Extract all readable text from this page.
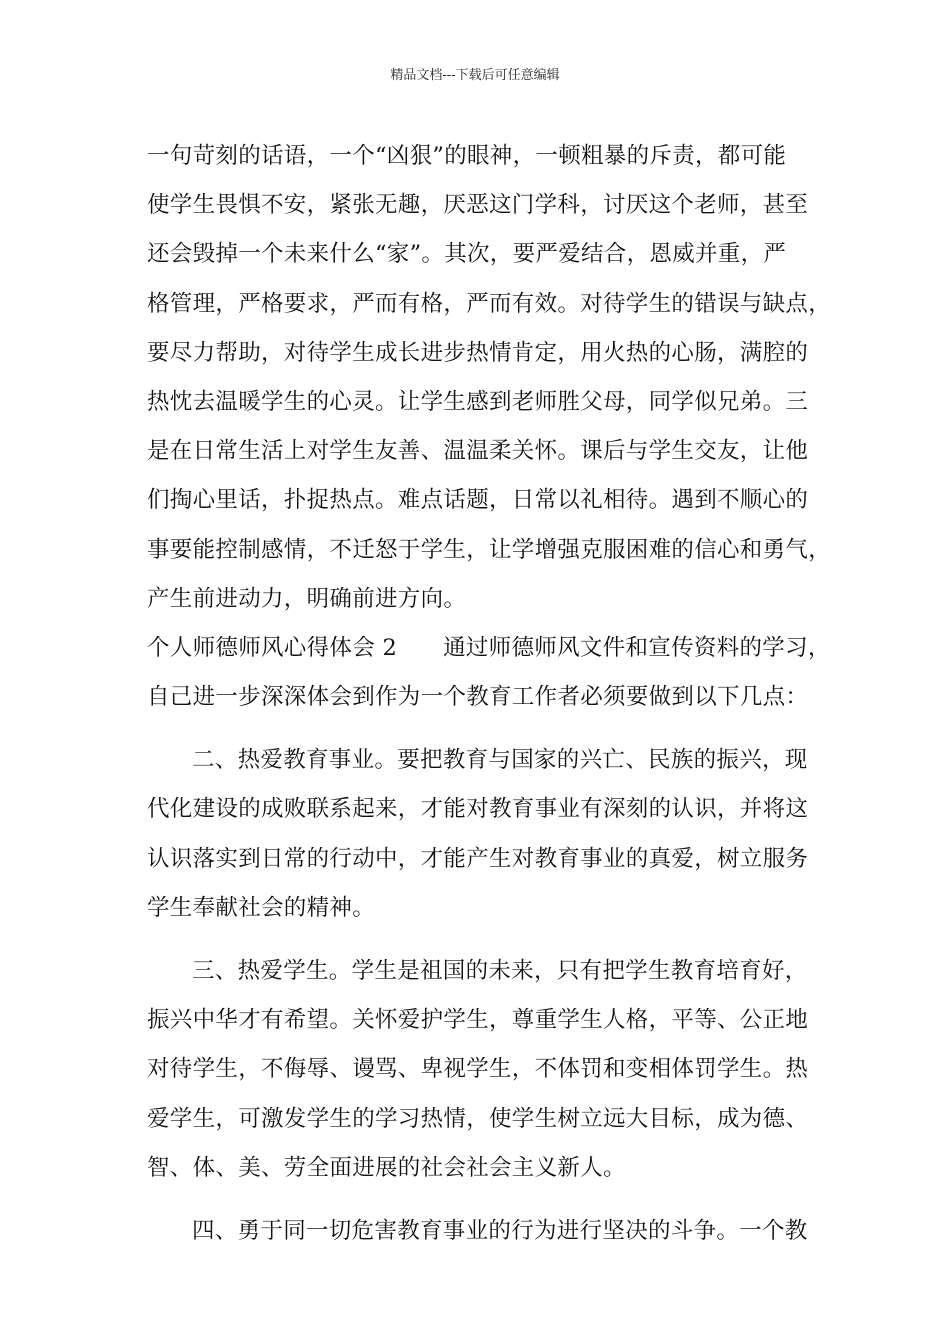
精品文档---下载后可任意编辑
一句苛刻的话语，一个“凶狠”的眼神，一顿粗暴的斥责，都可能
使学生畏惧不安，紧张无趣，厌恶这门学科，讨厌这个老师，甚至
还会毁掉一个未来什么“家”。其次，要严爱结合，恩威并重，严
格管理，严格要求，严而有格，严而有效。对待学生的错误与缺点，
要尽力帮助，对待学生成长进步热情肯定，用火热的心肠，满腔的
热忱去温暖学生的心灵。让学生感到老师胜父母，同学似兄弟。三
是在日常生活上对学生友善、温温柔关怀。课后与学生交友，让他
们掏心里话，扑捉热点。难点话题，日常以礼相待。遇到不顺心的
事要能控制感情，不迁怒于学生，让学增强克服困难的信心和勇气，
产生前进动力，明确前进方向。
个人师德师风心得体会 2 通过师德师风文件和宣传资料的学习，
自己进一步深深体会到作为一个教育工作者必须要做到以下几点：
二、热爱教育事业。要把教育与国家的兴亡、民族的振兴，现
代化建设的成败联系起来，才能对教育事业有深刻的认识，并将这
认识落实到日常的行动中，才能产生对教育事业的真爱，树立服务
学生奉献社会的精神。
三、热爱学生。学生是祖国的未来，只有把学生教育培育好，
振兴中华才有希望。关怀爱护学生，尊重学生人格，平等、公正地
对待学生，不侮辱、谩骂、卑视学生，不体罚和变相体罚学生。热
爱学生，可激发学生的学习热情，使学生树立远大目标，成为德、
智、体、美、劳全面进展的社会社会主义新人。
四、勇于同一切危害教育事业的行为进行坚决的斗争。一个教
